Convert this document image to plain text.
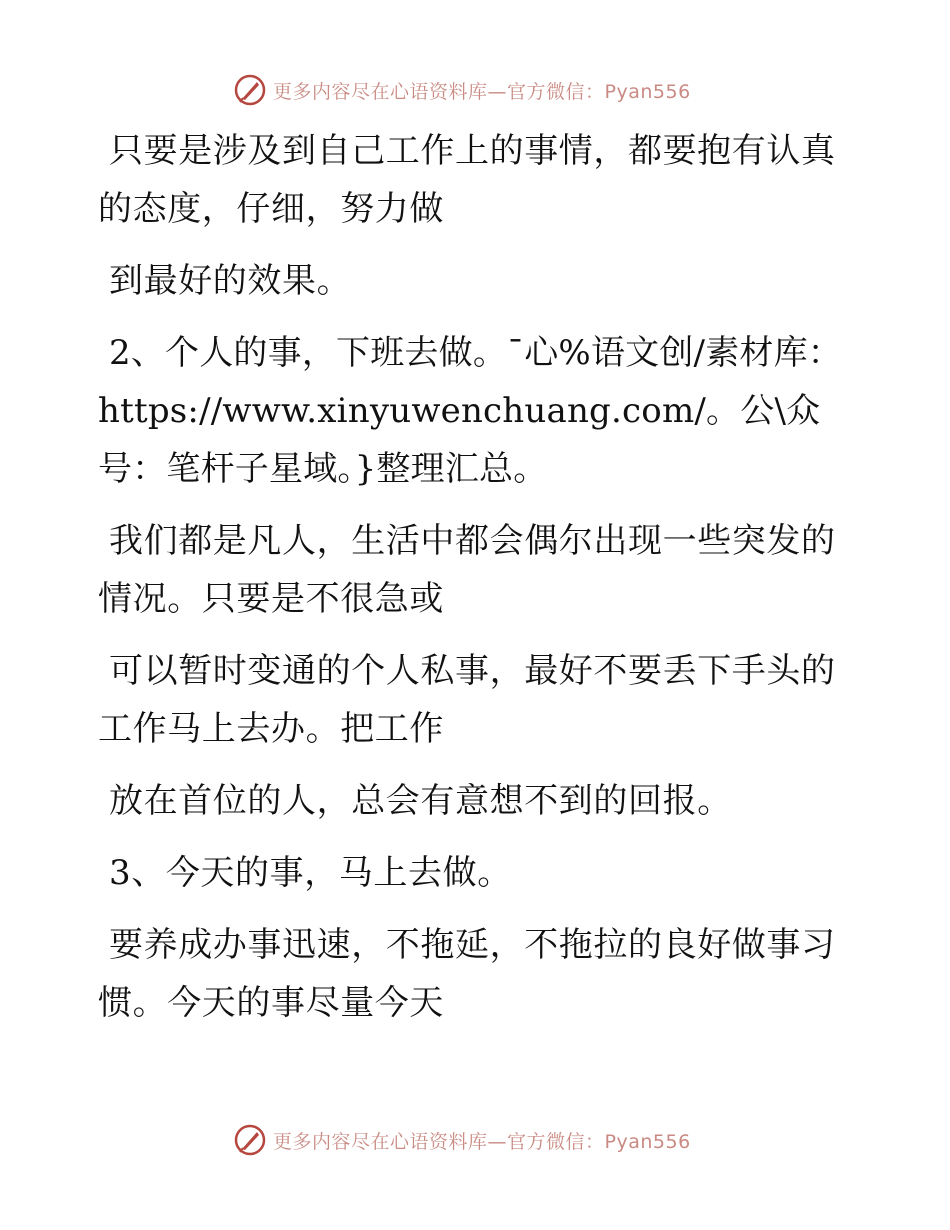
更多内容尽在心语资料库—官方微信：Pyan556

只要是涉及到自己工作上的事情，都要抱有认真的态度，仔细，努力做

到最好的效果。

2、个人的事，下班去做。¯心%语文创/素材库：https://www.xinyuwenchuang.com/。公\众号：笔杆子星域。}整理汇总。

我们都是凡人，生活中都会偶尔出现一些突发的情况。只要是不很急或

可以暂时变通的个人私事，最好不要丢下手头的工作马上去办。把工作

放在首位的人，总会有意想不到的回报。

3、今天的事，马上去做。

要养成办事迅速，不拖延，不拖拉的良好做事习惯。今天的事尽量今天

更多内容尽在心语资料库—官方微信：Pyan556
